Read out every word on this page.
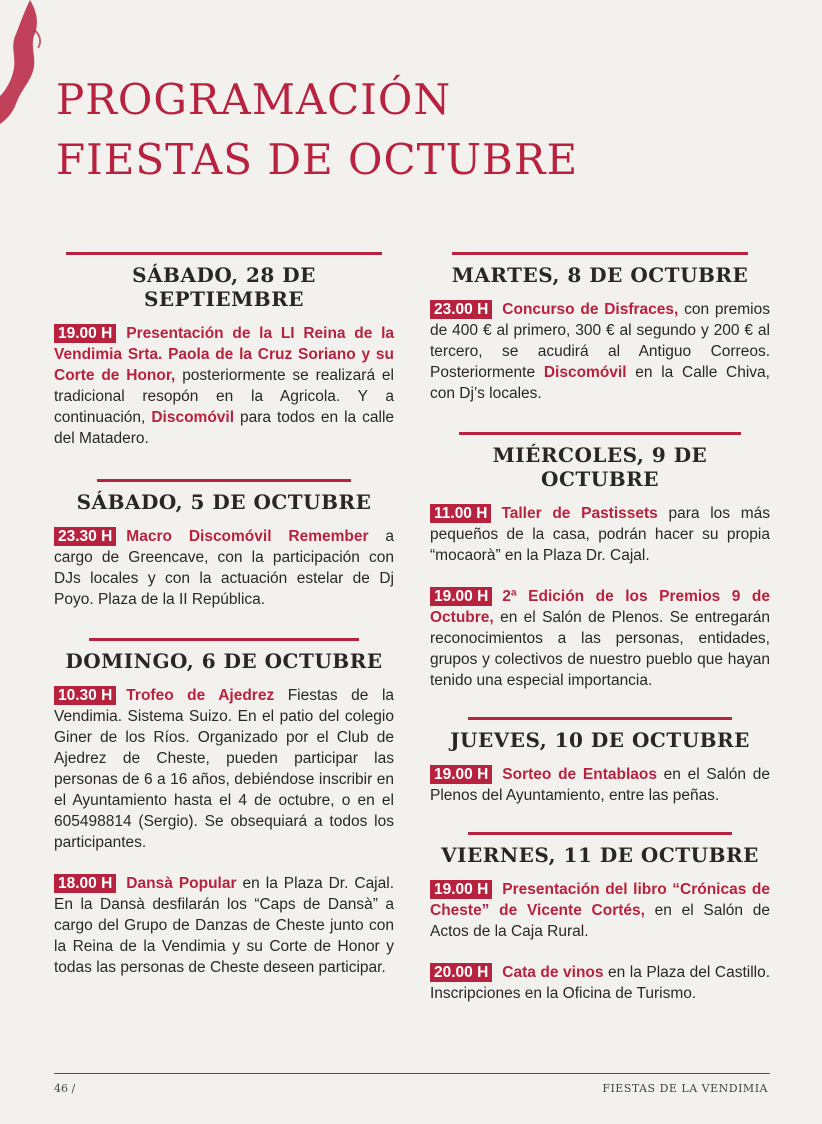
PROGRAMACIÓN
FIESTAS DE OCTUBRE
SÁBADO, 28 DE SEPTIEMBRE

19.00 H Presentación de la LI Reina de la Vendimia Srta. Paola de la Cruz Soriano y su Corte de Honor, posteriormente se realizará el tradicional resopón en la Agricola. Y a continuación, Discomóvil para todos en la calle del Matadero.

SÁBADO, 5 DE OCTUBRE

23.30 H Macro Discomóvil Remember a cargo de Greencave, con la participación con DJs locales y con la actuación estelar de Dj Poyo. Plaza de la II República.

DOMINGO, 6 DE OCTUBRE

10.30 H Trofeo de Ajedrez Fiestas de la Vendimia. Sistema Suizo. En el patio del colegio Giner de los Ríos. Organizado por el Club de Ajedrez de Cheste, pueden participar las personas de 6 a 16 años, debiéndose inscribir en el Ayuntamiento hasta el 4 de octubre, o en el 605498814 (Sergio). Se obsequiará a todos los participantes.

18.00 H Dansà Popular en la Plaza Dr. Cajal. En la Dansà desfilarán los “Caps de Dansà” a cargo del Grupo de Danzas de Cheste junto con la Reina de la Vendimia y su Corte de Honor y todas las personas de Cheste deseen participar.

MARTES, 8 DE OCTUBRE

23.00 H Concurso de Disfraces, con premios de 400 € al primero, 300 € al segundo y 200 € al tercero, se acudirá al Antiguo Correos. Posteriormente Discomóvil en la Calle Chiva, con Dj’s locales.

MIÉRCOLES, 9 DE OCTUBRE

11.00 H Taller de Pastissets para los más pequeños de la casa, podrán hacer su propia “mocaorà” en la Plaza Dr. Cajal.

19.00 H 2ª Edición de los Premios 9 de Octubre, en el Salón de Plenos. Se entregarán reconocimientos a las personas, entidades, grupos y colectivos de nuestro pueblo que hayan tenido una especial importancia.

JUEVES, 10 DE OCTUBRE

19.00 H Sorteo de Entablaos en el Salón de Plenos del Ayuntamiento, entre las peñas.

VIERNES, 11 DE OCTUBRE

19.00 H Presentación del libro “Crónicas de Cheste” de Vicente Cortés, en el Salón de Actos de la Caja Rural.

20.00 H Cata de vinos en la Plaza del Castillo. Inscripciones en la Oficina de Turismo.

46 /	FIESTAS DE LA VENDIMIA
